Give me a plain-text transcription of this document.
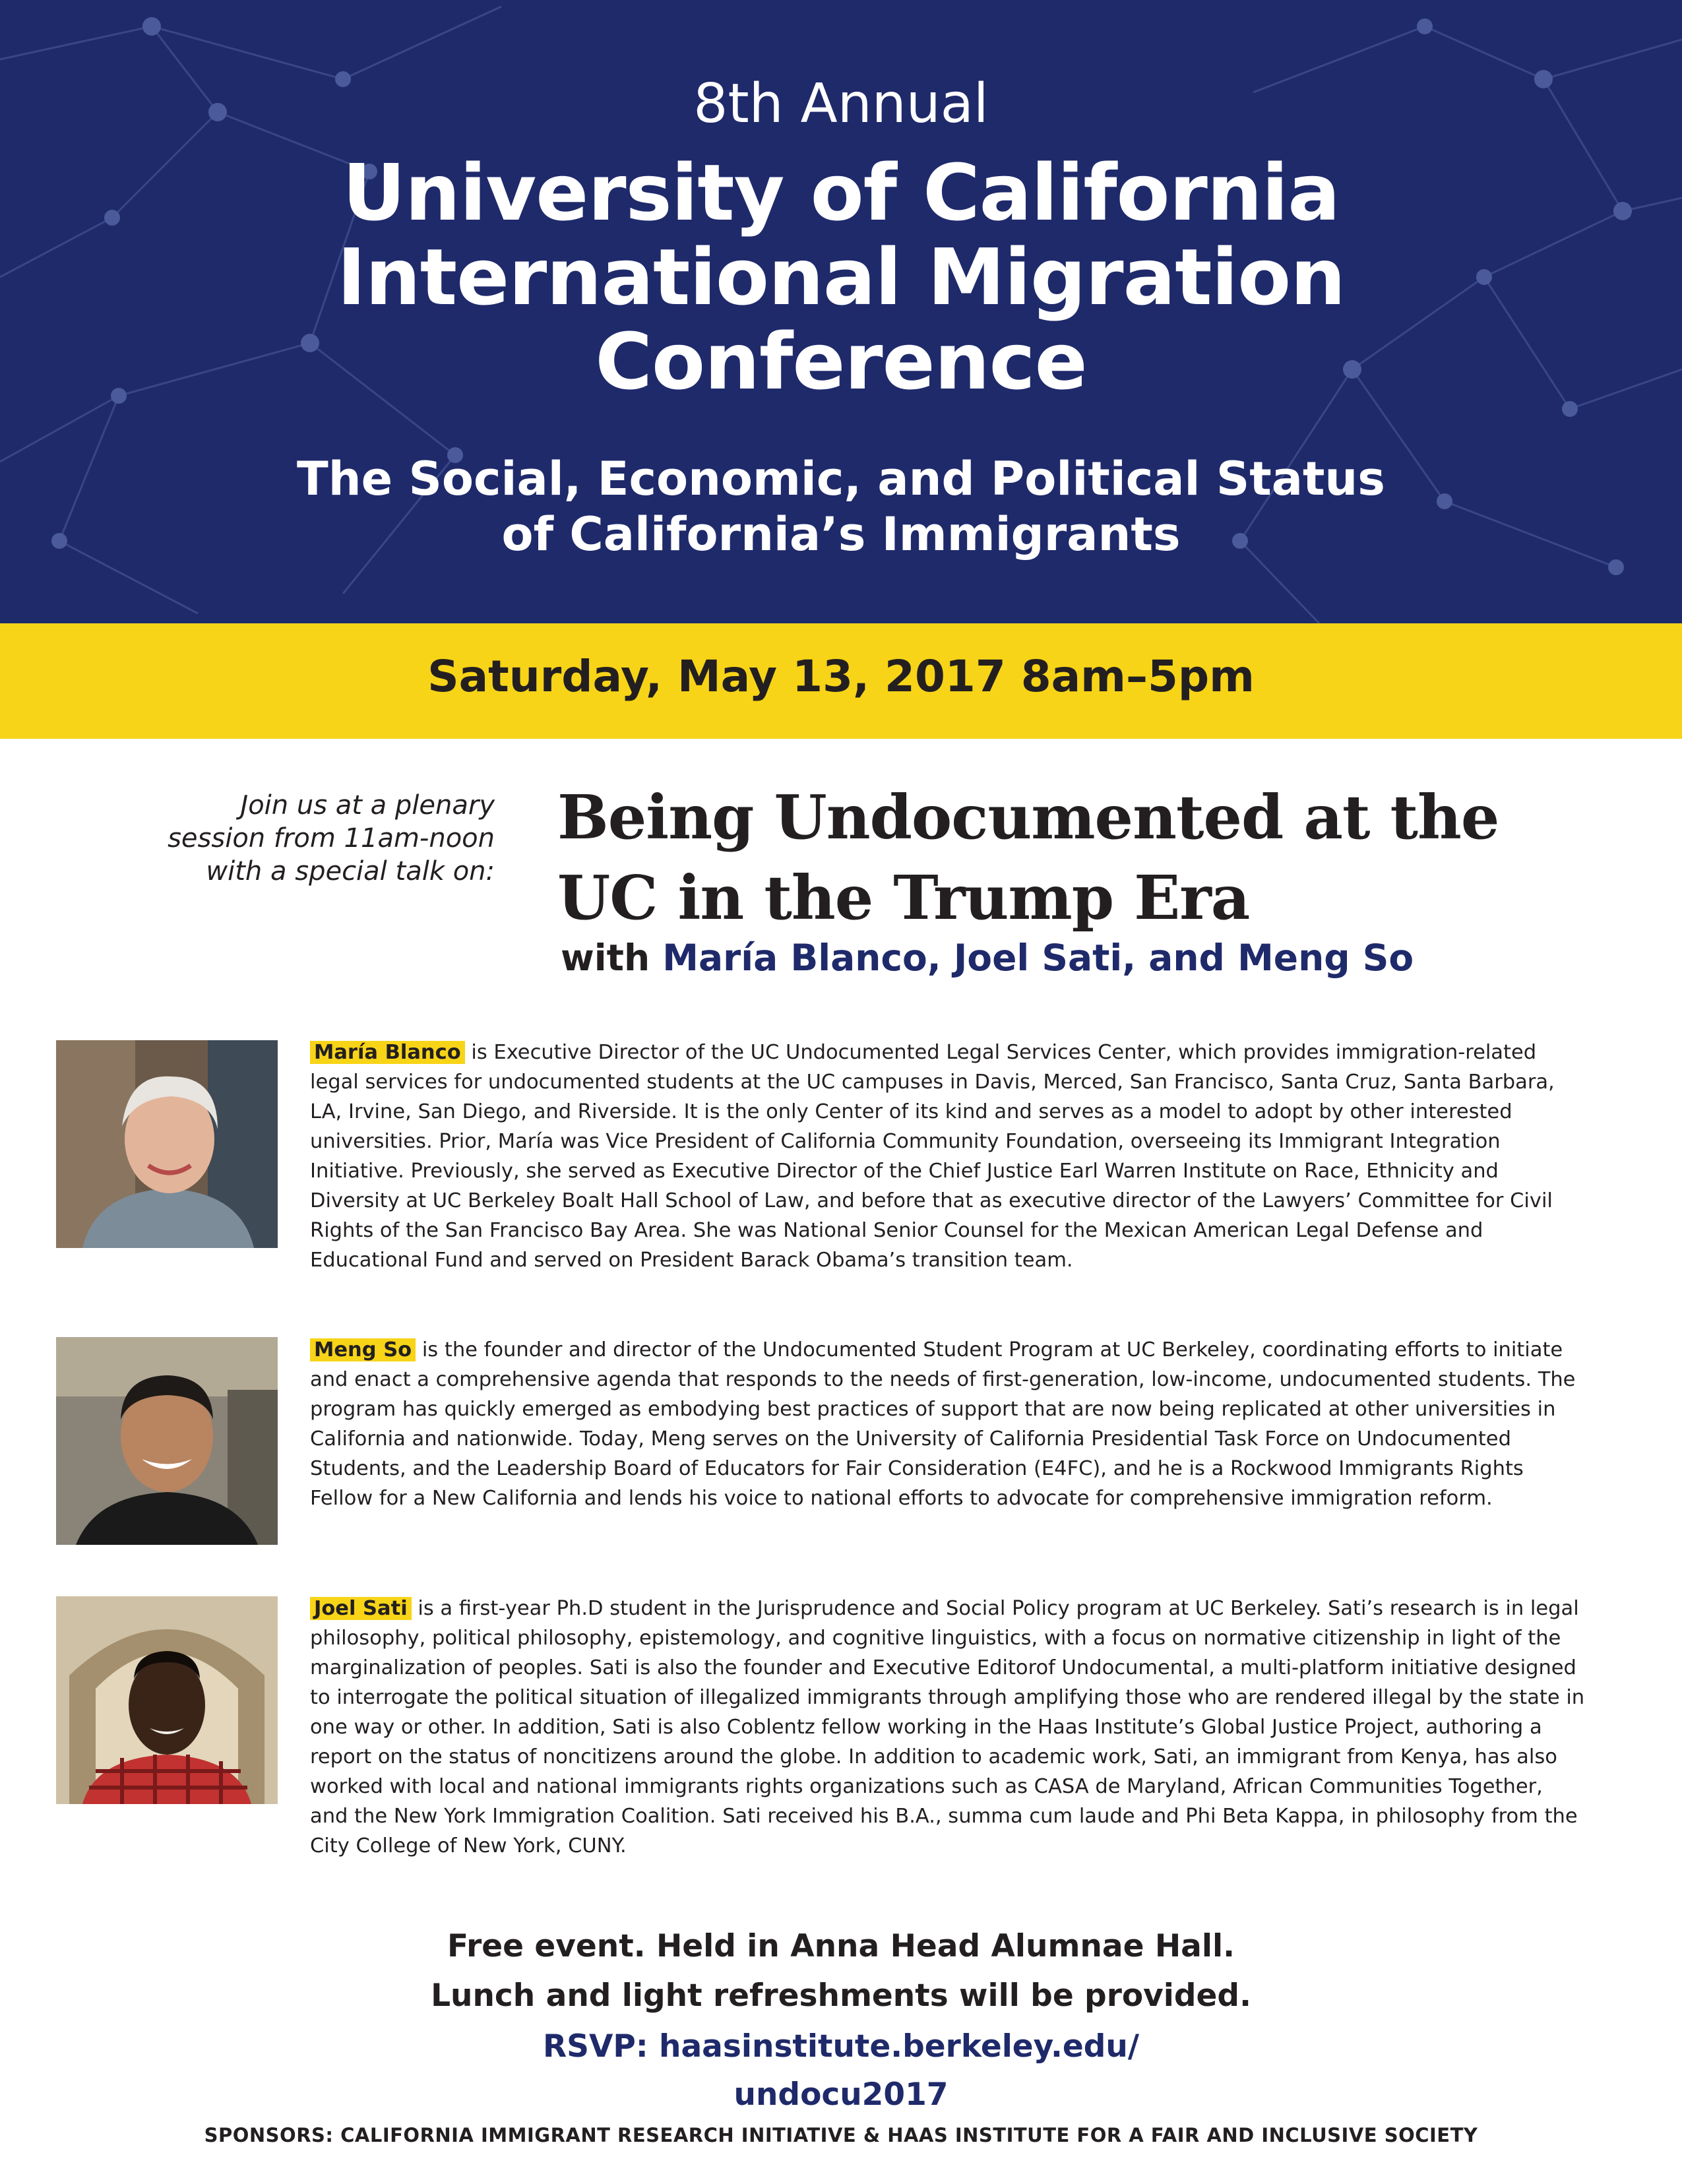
8th Annual
University of California
International Migration
Conference
The Social, Economic, and Political Status
of California’s Immigrants
Saturday, May 13, 2017 8am–5pm
Join us at a plenary
session from 11am-noon
with a special talk on:
Being Undocumented at the
UC in the Trump Era
with María Blanco, Joel Sati, and Meng So
María Blanco is Executive Director of the UC Undocumented Legal Services Center, which provides immigration-related legal services for undocumented students at the UC campuses in Davis, Merced, San Francisco, Santa Cruz, Santa Barbara, LA, Irvine, San Diego, and Riverside. It is the only Center of its kind and serves as a model to adopt by other interested universities. Prior, María was Vice President of California Community Foundation, overseeing its Immigrant Integration Initiative. Previously, she served as Executive Director of the Chief Justice Earl Warren Institute on Race, Ethnicity and Diversity at UC Berkeley Boalt Hall School of Law, and before that as executive director of the Lawyers’ Committee for Civil Rights of the San Francisco Bay Area. She was National Senior Counsel for the Mexican American Legal Defense and Educational Fund and served on President Barack Obama’s transition team.
Meng So is the founder and director of the Undocumented Student Program at UC Berkeley, coordinating efforts to initiate and enact a comprehensive agenda that responds to the needs of first-generation, low-income, undocumented students. The program has quickly emerged as embodying best practices of support that are now being replicated at other universities in California and nationwide. Today, Meng serves on the University of California Presidential Task Force on Undocumented Students, and the Leadership Board of Educators for Fair Consideration (E4FC), and he is a Rockwood Immigrants Rights Fellow for a New California and lends his voice to national efforts to advocate for comprehensive immigration reform.
Joel Sati is a first-year Ph.D student in the Jurisprudence and Social Policy program at UC Berkeley. Sati’s research is in legal philosophy, political philosophy, epistemology, and cognitive linguistics, with a focus on normative citizenship in light of the marginalization of peoples. Sati is also the founder and Executive Editorof Undocumental, a multi-platform initiative designed to interrogate the political situation of illegalized immigrants through amplifying those who are rendered illegal by the state in one way or other. In addition, Sati is also Coblentz fellow working in the Haas Institute’s Global Justice Project, authoring a report on the status of noncitizens around the globe. In addition to academic work, Sati, an immigrant from Kenya, has also worked with local and national immigrants rights organizations such as CASA de Maryland, African Communities Together, and the New York Immigration Coalition. Sati received his B.A., summa cum laude and Phi Beta Kappa, in philosophy from the City College of New York, CUNY.
Free event. Held in Anna Head Alumnae Hall.
Lunch and light refreshments will be provided.
RSVP: haasinstitute.berkeley.edu/
undocu2017
SPONSORS: CALIFORNIA IMMIGRANT RESEARCH INITIATIVE & HAAS INSTITUTE FOR A FAIR AND INCLUSIVE SOCIETY
